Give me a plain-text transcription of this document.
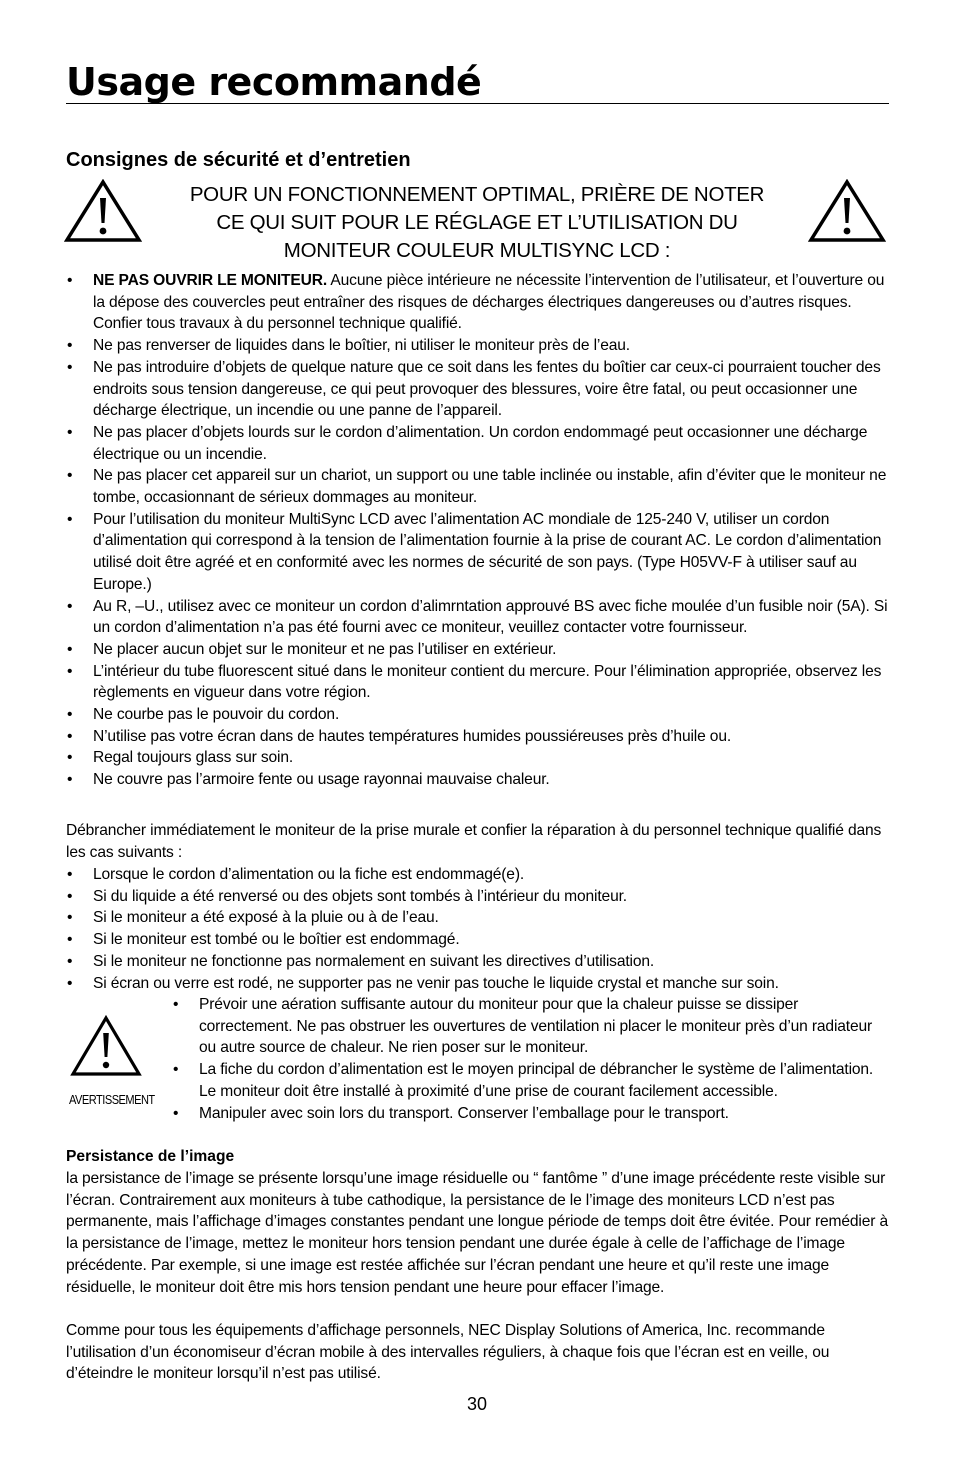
Usage recommandé
Consignes de sécurité et d’entretien
POUR UN FONCTIONNEMENT OPTIMAL, PRIÈRE DE NOTER
CE QUI SUIT POUR LE RÉGLAGE ET L’UTILISATION DU
MONITEUR COULEUR MULTISYNC LCD :
• NE PAS OUVRIR LE MONITEUR. Aucune pièce intérieure ne nécessite l’intervention de l’utilisateur, et l’ouverture ou la dépose des couvercles peut entraîner des risques de décharges électriques dangereuses ou d’autres risques. Confier tous travaux à du personnel technique qualifié.
• Ne pas renverser de liquides dans le boîtier, ni utiliser le moniteur près de l’eau.
• Ne pas introduire d’objets de quelque nature que ce soit dans les fentes du boîtier car ceux-ci pourraient toucher des endroits sous tension dangereuse, ce qui peut provoquer des blessures, voire être fatal, ou peut occasionner une décharge électrique, un incendie ou une panne de l’appareil.
• Ne pas placer d’objets lourds sur le cordon d’alimentation. Un cordon endommagé peut occasionner une décharge électrique ou un incendie.
• Ne pas placer cet appareil sur un chariot, un support ou une table inclinée ou instable, afin d’éviter que le moniteur ne tombe, occasionnant de sérieux dommages au moniteur.
• Pour l’utilisation du moniteur MultiSync LCD avec l’alimentation AC mondiale de 125-240 V, utiliser un cordon d’alimentation qui correspond à la tension de l’alimentation fournie à la prise de courant AC. Le cordon d’alimentation utilisé doit être agréé et en conformité avec les normes de sécurité de son pays. (Type H05VV-F à utiliser sauf au Europe.)
• Au R, –U., utilisez avec ce moniteur un cordon d’alimrntation approuvé BS avec fiche moulée d’un fusible noir (5A). Si un cordon d’alimentation n’a pas été fourni avec ce moniteur, veuillez contacter votre fournisseur.
• Ne placer aucun objet sur le moniteur et ne pas l’utiliser en extérieur.
• L’intérieur du tube fluorescent situé dans le moniteur contient du mercure. Pour l’élimination appropriée, observez les règlements en vigueur dans votre région.
• Ne courbe pas le pouvoir du cordon.
• N’utilise pas votre écran dans de hautes températures humides poussiéreuses près d’huile ou.
• Regal toujours glass sur soin.
• Ne couvre pas l’armoire fente ou usage rayonnai mauvaise chaleur.

Débrancher immédiatement le moniteur de la prise murale et confier la réparation à du personnel technique qualifié dans les cas suivants :

• Lorsque le cordon d’alimentation ou la fiche est endommagé(e).
• Si du liquide a été renversé ou des objets sont tombés à l’intérieur du moniteur.
• Si le moniteur a été exposé à la pluie ou à de l’eau.
• Si le moniteur est tombé ou le boîtier est endommagé.
• Si le moniteur ne fonctionne pas normalement en suivant les directives d’utilisation.
• Si écran ou verre est rodé, ne supporter pas ne venir pas touche le liquide crystal et manche sur soin.
AVERTISSEMENT
• Prévoir une aération suffisante autour du moniteur pour que la chaleur puisse se dissiper correctement. Ne pas obstruer les ouvertures de ventilation ni placer le moniteur près d’un radiateur ou autre source de chaleur. Ne rien poser sur le moniteur.
• La fiche du cordon d’alimentation est le moyen principal de débrancher le système de l’alimentation. Le moniteur doit être installé à proximité d’une prise de courant facilement accessible.
• Manipuler avec soin lors du transport. Conserver l’emballage pour le transport.
Persistance de l’image

la persistance de l’image se présente lorsqu’une image résiduelle ou “ fantôme ” d’une image précédente reste visible sur l’écran. Contrairement aux moniteurs à tube cathodique, la persistance de le l’image des moniteurs LCD n’est pas permanente, mais l’affichage d’images constantes pendant une longue période de temps doit être évitée. Pour remédier à la persistance de l’image, mettez le moniteur hors tension pendant une durée égale à celle de l’affichage de l’image précédente. Par exemple, si une image est restée affichée sur l’écran pendant une heure et qu’il reste une image résiduelle, le moniteur doit être mis hors tension pendant une heure pour effacer l’image.

Comme pour tous les équipements d’affichage personnels, NEC Display Solutions of America, Inc. recommande l’utilisation d’un économiseur d’écran mobile à des intervalles réguliers, à chaque fois que l’écran est en veille, ou d’éteindre le moniteur lorsqu’il n’est pas utilisé.

30
